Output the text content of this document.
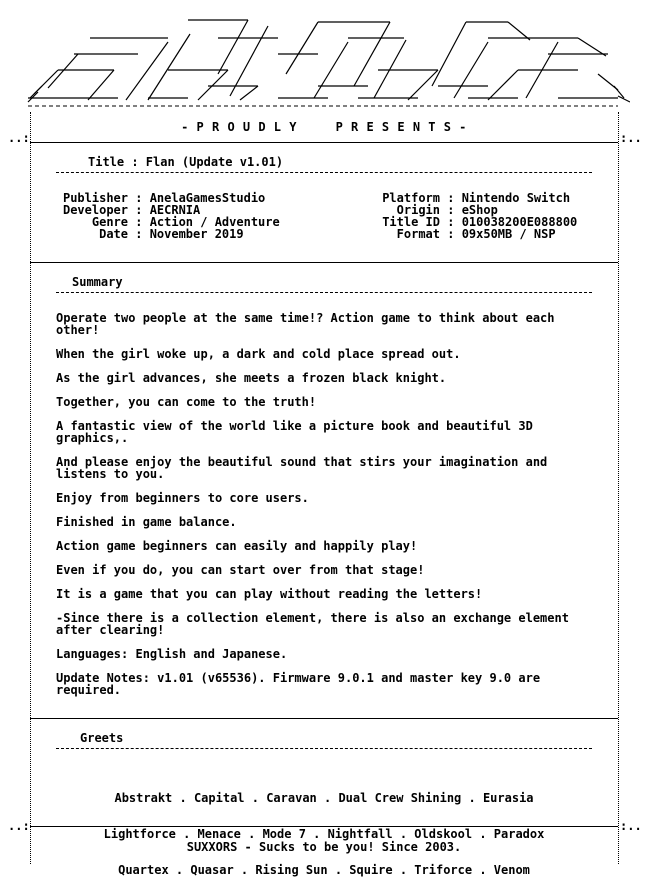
..:	:..
..:	:..
- P R O U D L Y     P R E S E N T S -
Title : Flan (Update v1.01)
Publisher : AnelaGamesStudio
Developer : AECRNIA
Genre : Action / Adventure
Date : November 2019
Platform : Nintendo Switch
Origin : eShop
Title ID : 010038200E088800
Format : 09x50MB / NSP
Summary

Operate two people at the same time!? Action game to think about each other!

When the girl woke up, a dark and cold place spread out.

As the girl advances, she meets a frozen black knight.

Together, you can come to the truth!

A fantastic view of the world like a picture book and beautiful 3D graphics,.

And please enjoy the beautiful sound that stirs your imagination and listens to you.

Enjoy from beginners to core users.

Finished in game balance.

Action game beginners can easily and happily play!

Even if you do, you can start over from that stage!

It is a game that you can play without reading the letters!

-Since there is a collection element, there is also an exchange element after clearing!

Languages: English and Japanese.

Update Notes: v1.01 (v65536). Firmware 9.0.1 and master key 9.0 are required.

Greets

Abstrakt . Capital . Caravan . Dual Crew Shining . Eurasia

Lightforce . Menace . Mode 7 . Nightfall . Oldskool . Paradox

Quartex . Quasar . Rising Sun . Squire . Triforce . Venom

SUXXORS - Sucks to be you! Since 2003.
